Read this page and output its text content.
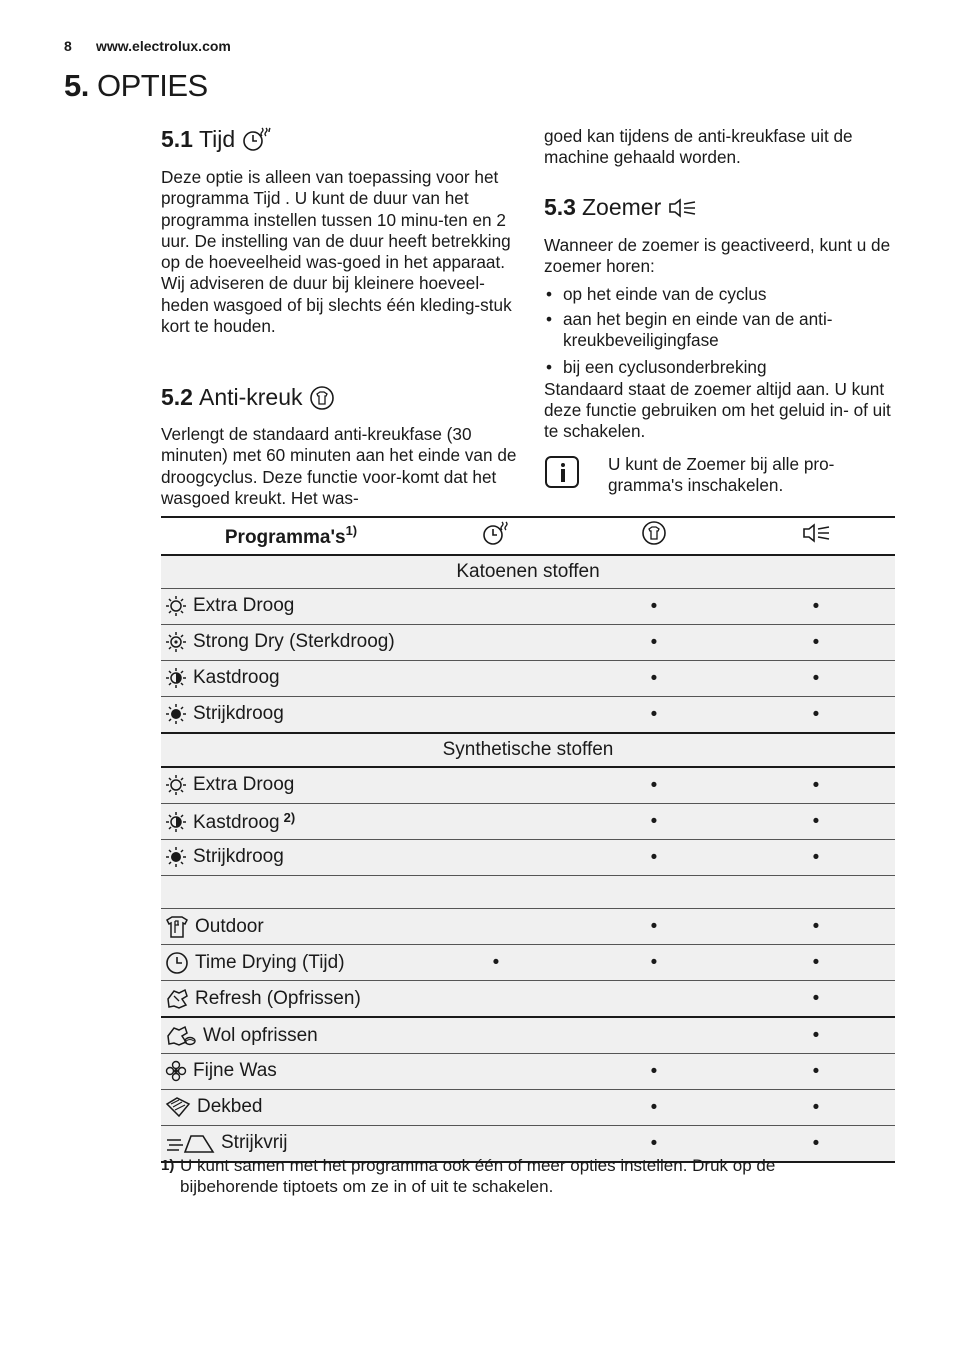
8 www.electrolux.com
5. OPTIES
5.1 Tijd

Deze optie is alleen van toepassing voor het programma Tijd . U kunt de duur van het programma instellen tussen 10 minu-ten en 2 uur. De instelling van de duur heeft betrekking op de hoeveelheid was-goed in het apparaat.

Wij adviseren de duur bij kleinere hoeveel-heden wasgoed of bij slechts één kleding-stuk kort te houden.

5.2 Anti-kreuk

Verlengt de standaard anti-kreukfase (30 minuten) met 60 minuten aan het einde van de droogcyclus. Deze functie voor-komt dat het wasgoed kreukt. Het was-

goed kan tijdens de anti-kreukfase uit de machine gehaald worden.

5.3 Zoemer

Wanneer de zoemer is geactiveerd, kunt u de zoemer horen:

• op het einde van de cyclus
• aan het begin en einde van de anti-kreukbeveiligingfase
• bij een cyclusonderbreking

Standaard staat de zoemer altijd aan. U kunt deze functie gebruiken om het geluid in- of uit te schakelen.

U kunt de Zoemer bij alle pro-gramma's inschakelen.
$Programma's^{1)}$			
Katoenen stoffen			
Extra Droog		•	•
Strong Dry (Sterkdroog)		•	•
Kastdroog		•	•
Strijkdroog		•	•
Synthetische stoffen			
Extra Droog		•	•
Kastdroog $^{2)}$		•	•
Strijkdroog		•	•

Outdoor		•	•
Time Drying (Tijd)	•	•	•
Refresh (Opfrissen)			•
Wol opfrissen			•
Fijne Was		•	•
Dekbed		•	•
Strijkvrij		•	•
1) U kunt samen met het programma ook één of meer opties instellen. Druk op de bijbehorende tiptoets om ze in of uit te schakelen.
